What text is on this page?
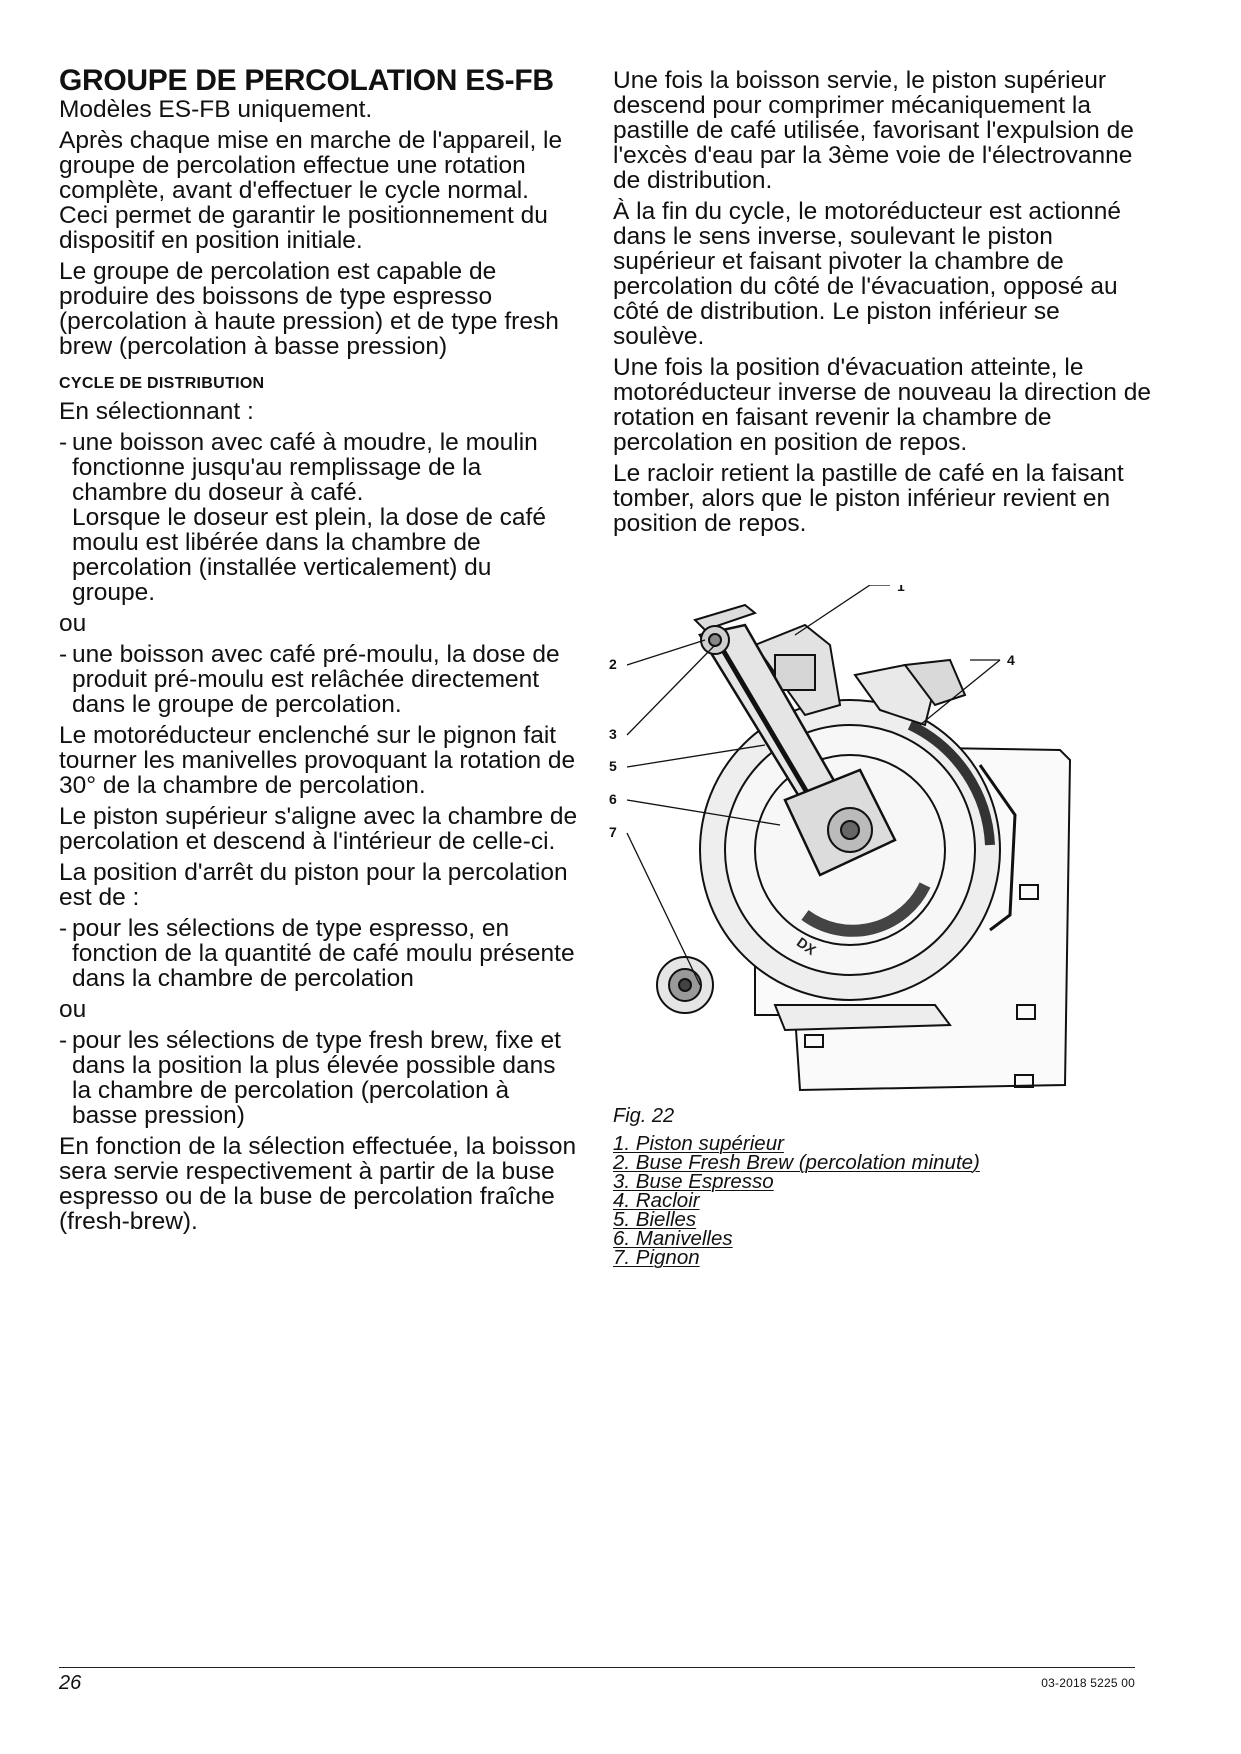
GROUPE DE PERCOLATION ES-FB

Modèles ES-FB uniquement.

Après chaque mise en marche de l'appareil, le groupe de percolation effectue une rotation complète, avant d'effectuer le cycle normal. Ceci permet de garantir le positionnement du dispositif en position initiale.

Le groupe de percolation est capable de produire des boissons de type espresso (percolation à haute pression) et de type fresh brew (percolation à basse pression)

CYCLE DE DISTRIBUTION

En sélectionnant :

- une boisson avec café à moudre, le moulin fonctionne jusqu'au remplissage de la chambre du doseur à café.

Lorsque le doseur est plein, la dose de café moulu est libérée dans la chambre de percolation (installée verticalement) du groupe.

ou

- une boisson avec café pré-moulu, la dose de produit pré-moulu est relâchée directement dans le groupe de percolation.

Le motoréducteur enclenché sur le pignon fait tourner les manivelles provoquant la rotation de 30° de la chambre de percolation.

Le piston supérieur s'aligne avec la chambre de percolation et descend à l'intérieur de celle-ci.

La position d'arrêt du piston pour la percolation est de :

- pour les sélections de type espresso, en fonction de la quantité de café moulu présente dans la chambre de percolation

ou

- pour les sélections de type fresh brew, fixe et dans la position la plus élevée possible dans la chambre de percolation (percolation à basse pression)

En fonction de la sélection effectuée, la boisson sera servie respectivement à partir de la buse espresso ou de la buse de percolation fraîche (fresh-brew).

Une fois la boisson servie, le piston supérieur descend pour comprimer mécaniquement la pastille de café utilisée, favorisant l'expulsion de l'excès d'eau par la 3ème voie de l'électrovanne de distribution.

À la fin du cycle, le motoréducteur est actionné dans le sens inverse, soulevant le piston supérieur et faisant pivoter la chambre de percolation du côté de l'évacuation, opposé au côté de distribution. Le piston inférieur se soulève.

Une fois la position d'évacuation atteinte, le motoréducteur inverse de nouveau la direction de rotation en faisant revenir la chambre de percolation en position de repos.

Le racloir retient la pastille de café en la faisant tomber, alors que le piston inférieur revient en position de repos.

1
2
3
4
5
6
7
DX

Fig. 22

1. Piston supérieur
2. Buse Fresh Brew (percolation minute)
3. Buse Espresso
4. Racloir
5. Bielles
6. Manivelles
7. Pignon
26	03-2018 5225 00
